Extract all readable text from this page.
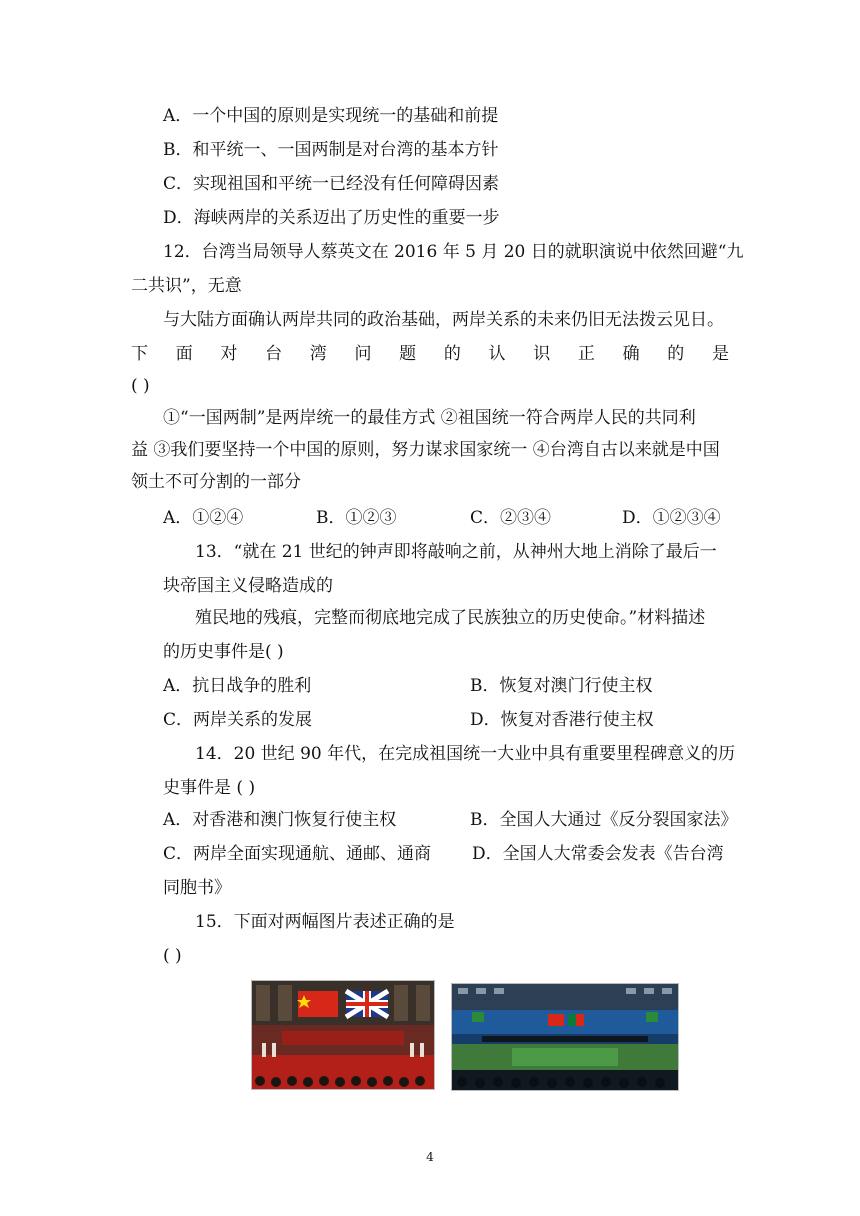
A．一个中国的原则是实现统一的基础和前提
B．和平统一、一国两制是对台湾的基本方针
C．实现祖国和平统一已经没有任何障碍因素
D．海峡两岸的关系迈出了历史性的重要一步
12．台湾当局领导人蔡英文在 2016 年 5 月 20 日的就职演说中依然回避“九
二共识”，无意
与大陆方面确认两岸共同的政治基础，两岸关系的未来仍旧无法拨云见日。
下 面 对 台 湾 问 题 的 认 识 正 确 的 是
( )
①“一国两制”是两岸统一的最佳方式 ②祖国统一符合两岸人民的共同利
益 ③我们要坚持一个中国的原则，努力谋求国家统一 ④台湾自古以来就是中国
领土不可分割的一部分
A．①②④	B．①②③	C．②③④	D．①②③④
13．“就在 21 世纪的钟声即将敲响之前，从神州大地上消除了最后一
块帝国主义侵略造成的
殖民地的残痕，完整而彻底地完成了民族独立的历史使命。”材料描述
的历史事件是( )
A．抗日战争的胜利	B．恢复对澳门行使主权
C．两岸关系的发展	D．恢复对香港行使主权
14．20 世纪 90 年代，在完成祖国统一大业中具有重要里程碑意义的历
史事件是 ( )
A．对香港和澳门恢复行使主权	B．全国人大通过《反分裂国家法》
C．两岸全面实现通航、通邮、通商 D．全国人大常委会发表《告台湾
同胞书》
15．下面对两幅图片表述正确的是
( )
4
